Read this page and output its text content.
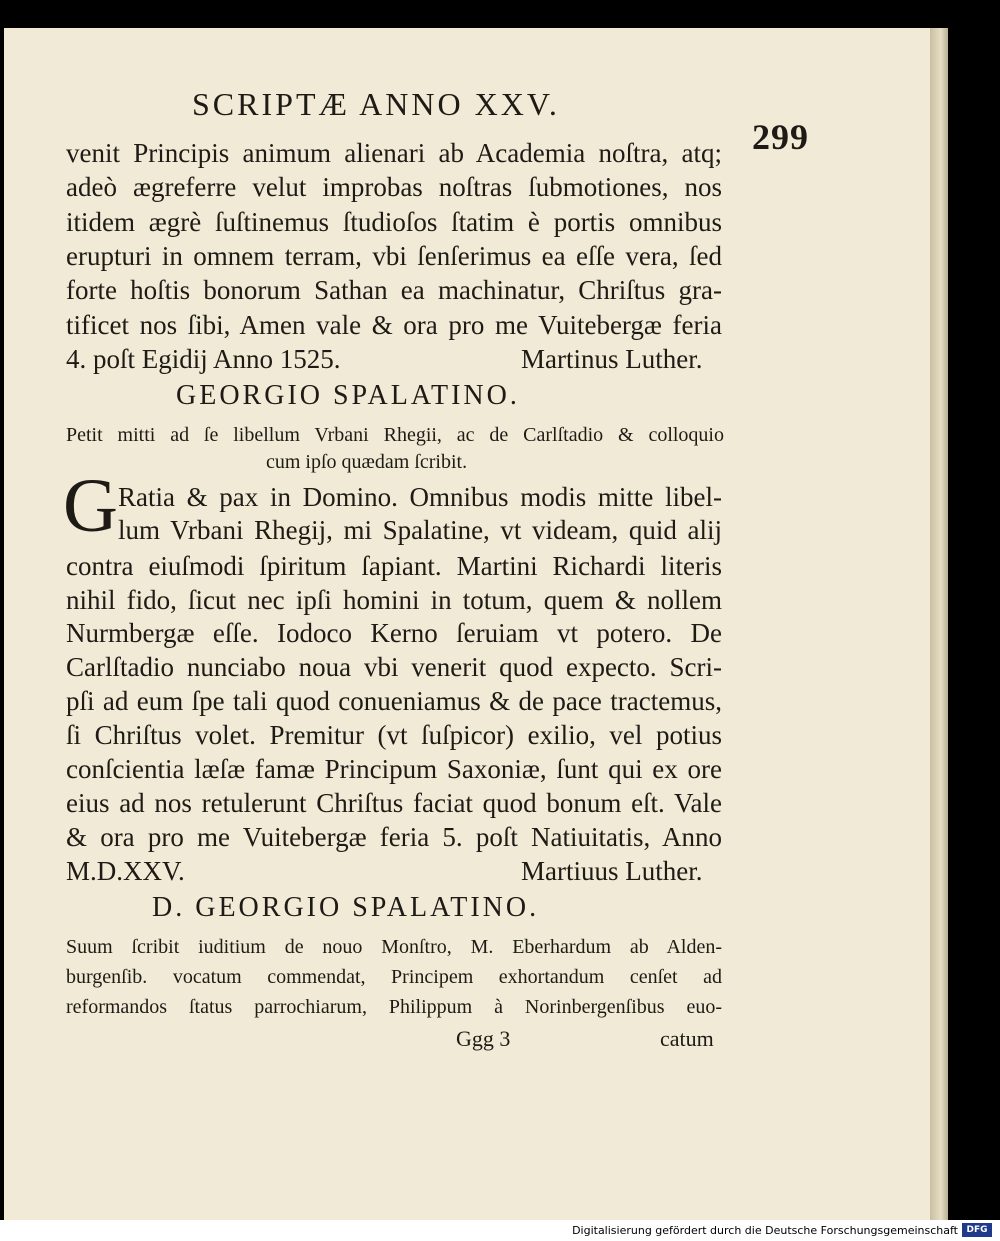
SCRIPTÆ ANNO XXV.
299
venit Principis animum alienari ab Academia noſtra, atq;
adeò ægreferre velut improbas noſtras ſubmotiones, nos
itidem ægrè ſuſtinemus ſtudioſos ſtatim è portis omnibus
erupturi in omnem terram, vbi ſenſerimus ea eſſe vera, ſed
forte hoſtis bonorum Sathan ea machinatur, Chriſtus gra-
tificet nos ſibi, Amen vale & ora pro me Vuitebergæ feria
4. poſt Egidij Anno 1525.	Martinus Luther.
GEORGIO SPALATINO.
Petit mitti ad ſe libellum Vrbani Rhegii, ac de Carlſtadio & colloquio
cum ipſo quædam ſcribit.
G Ratia & pax in Domino. Omnibus modis mitte libel-
lum Vrbani Rhegij, mi Spalatine, vt videam, quid alij
contra eiuſmodi ſpiritum ſapiant. Martini Richardi literis
nihil fido, ſicut nec ipſi homini in totum, quem & nollem
Nurmbergæ eſſe. Iodoco Kerno ſeruiam vt potero. De
Carlſtadio nunciabo noua vbi venerit quod expecto. Scri-
pſi ad eum ſpe tali quod conueniamus & de pace tractemus,
ſi Chriſtus volet. Premitur (vt ſuſpicor) exilio, vel potius
conſcientia læſæ famæ Principum Saxoniæ, ſunt qui ex ore
eius ad nos retulerunt Chriſtus faciat quod bonum eſt. Vale
& ora pro me Vuitebergæ feria 5. poſt Natiuitatis, Anno
M.D.XXV.	Martiuus Luther.
D. GEORGIO SPALATINO.
Suum ſcribit iuditium de nouo Monſtro, M. Eberhardum ab Alden-
burgenſib. vocatum commendat, Principem exhortandum cenſet ad
reformandos ſtatus parrochiarum, Philippum à Norinbergenſibus euo-
Ggg 3	catum
Digitalisierung gefördert durch die Deutsche Forschungsgemeinschaft DFG
